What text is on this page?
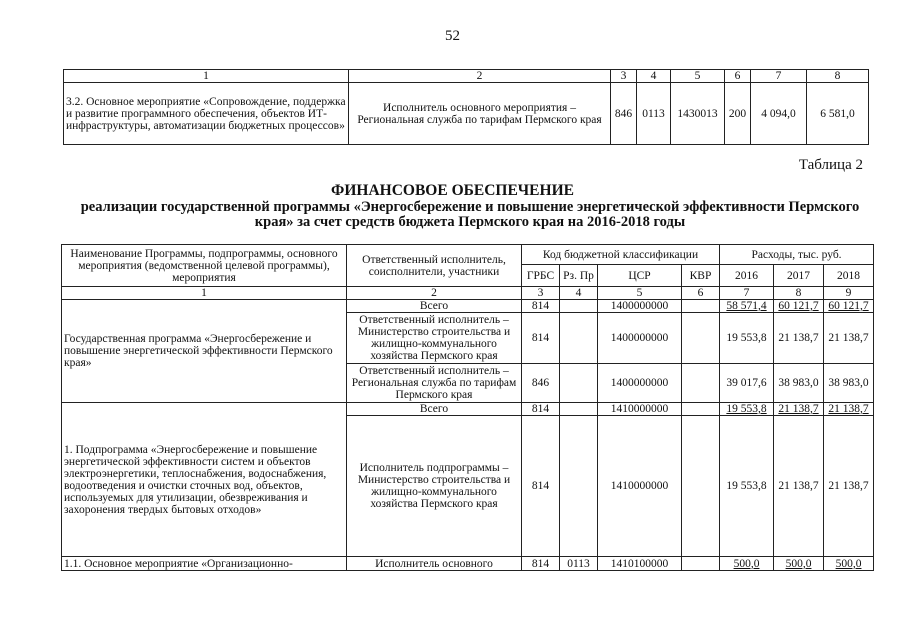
52
1	2	3	4	5	6	7	8
3.2. Основное мероприятие «Сопровождение, поддержка и развитие программного обеспечения, объектов ИТ-инфраструктуры, автоматизации бюджетных процессов»	Исполнитель основного мероприятия – Региональная служба по тарифам Пермского края	846	0113	1430013	200	4 094,0	6 581,0
Таблица 2
ФИНАНСОВОЕ ОБЕСПЕЧЕНИЕ
реализации государственной программы «Энергосбережение и повышение энергетической эффективности Пермского края» за счет средств бюджета Пермского края на 2016-2018 годы
Наименование Программы, подпрограммы, основного мероприятия (ведомственной целевой программы), мероприятия	Ответственный исполнитель, соисполнители, участники	Код бюджетной классификации				Расходы, тыс. руб.		
		ГРБС	Рз. Пр	ЦСР	КВР	2016	2017	2018
1	2	3	4	5	6	7	8	9
Государственная программа «Энергосбережение и повышение энергетической эффективности Пермского края»	Всего	814		1400000000		58 571,4	60 121,7	60 121,7
	Ответственный исполнитель – Министерство строительства и жилищно-коммунального хозяйства Пермского края	814		1400000000		19 553,8	21 138,7	21 138,7
	Ответственный исполнитель – Региональная служба по тарифам Пермского края	846		1400000000		39 017,6	38 983,0	38 983,0
1. Подпрограмма «Энергосбережение и повышение энергетической эффективности систем и объектов электроэнергетики, теплоснабжения, водоснабжения, водоотведения и очистки сточных вод, объектов, используемых для утилизации, обезвреживания и захоронения твердых бытовых отходов»	Всего	814		1410000000		19 553,8	21 138,7	21 138,7
	Исполнитель подпрограммы – Министерство строительства и жилищно-коммунального хозяйства Пермского края	814		1410000000		19 553,8	21 138,7	21 138,7
1.1. Основное мероприятие «Организационно-	Исполнитель основного	814	0113	1410100000		500,0	500,0	500,0
